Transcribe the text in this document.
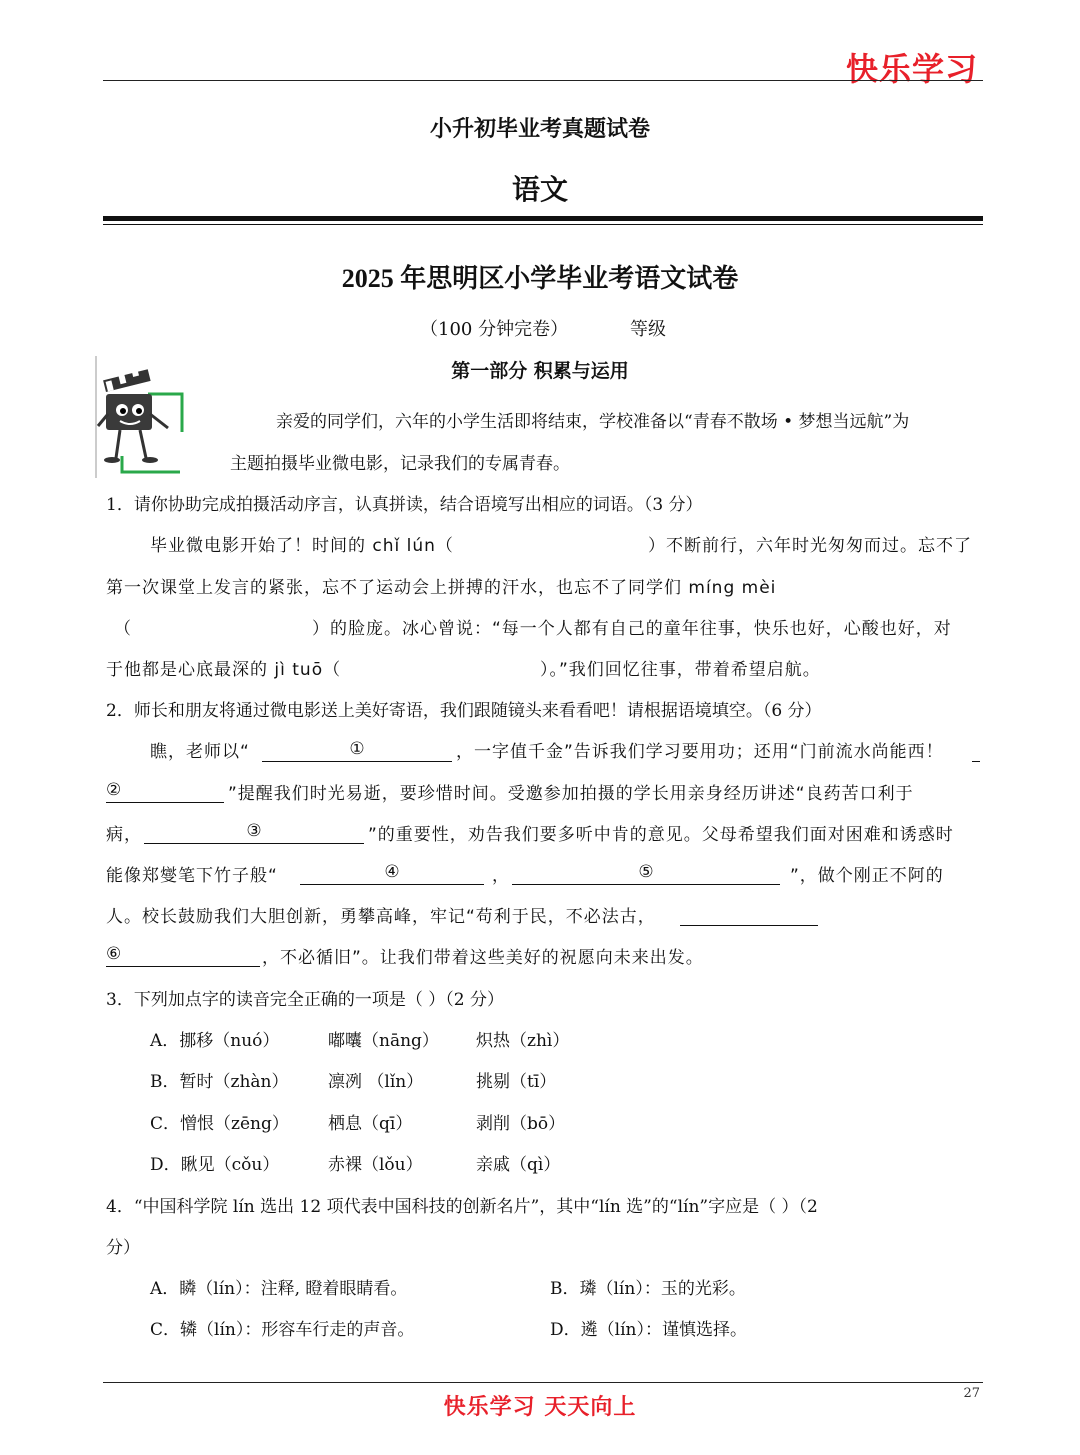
快乐学习
小升初毕业考真题试卷
语文
2025 年思明区小学毕业考语文试卷
（100 分钟完卷）	等级
第一部分 积累与运用
亲爱的同学们，六年的小学生活即将结束，学校准备以“青春不散场 • 梦想当远航”为
主题拍摄毕业微电影，记录我们的专属青春。
1．请你协助完成拍摄活动序言，认真拼读，结合语境写出相应的词语。（3 分）
毕业微电影开始了！时间的 chǐ lún（	）不断前行，六年时光匆匆而过。忘不了
第一次课堂上发言的紧张，忘不了运动会上拼搏的汗水，也忘不了同学们 míng mèi
（	）的脸庞。冰心曾说：“每一个人都有自己的童年往事，快乐也好，心酸也好，对
于他都是心底最深的 jì tuō（	）。”我们回忆往事，带着希望启航。
2．师长和朋友将通过微电影送上美好寄语，我们跟随镜头来看看吧！请根据语境填空。（6 分）
瞧，老师以“	①	，一字值千金”告诉我们学习要用功；还用“门前流水尚能西！
②	”提醒我们时光易逝，要珍惜时间。受邀参加拍摄的学长用亲身经历讲述“良药苦口利于
病，	③	”的重要性，劝告我们要多听中肯的意见。父母希望我们面对困难和诱惑时
能像郑燮笔下竹子般“	④	，	⑤	”，做个刚正不阿的
人。校长鼓励我们大胆创新，勇攀高峰，牢记“苟利于民，不必法古，
⑥	，不必循旧”。让我们带着这些美好的祝愿向未来出发。
3．下列加点字的读音完全正确的一项是（ ）（2 分）
A．挪移（nuó）	嘟囔（nāng） 炽热（zhì）
B．暂时（zhàn） 凛冽 （lǐn）	挑剔（tī）
C．憎恨（zēng） 栖息（qī）	剥削（bō）
D．瞅见（cǒu）	赤裸（lǒu）	亲戚（qì）
4．“中国科学院 lín 选出 12 项代表中国科技的创新名片”，其中“lín 选”的“lín”字应是（ ）（2
分）
A．瞵（lín）：注释, 瞪着眼睛看。	B．璘（lín）：玉的光彩。
C．辚（lín）：形容车行走的声音。	D．遴（lín）：谨慎选择。
27
快乐学习 天天向上
